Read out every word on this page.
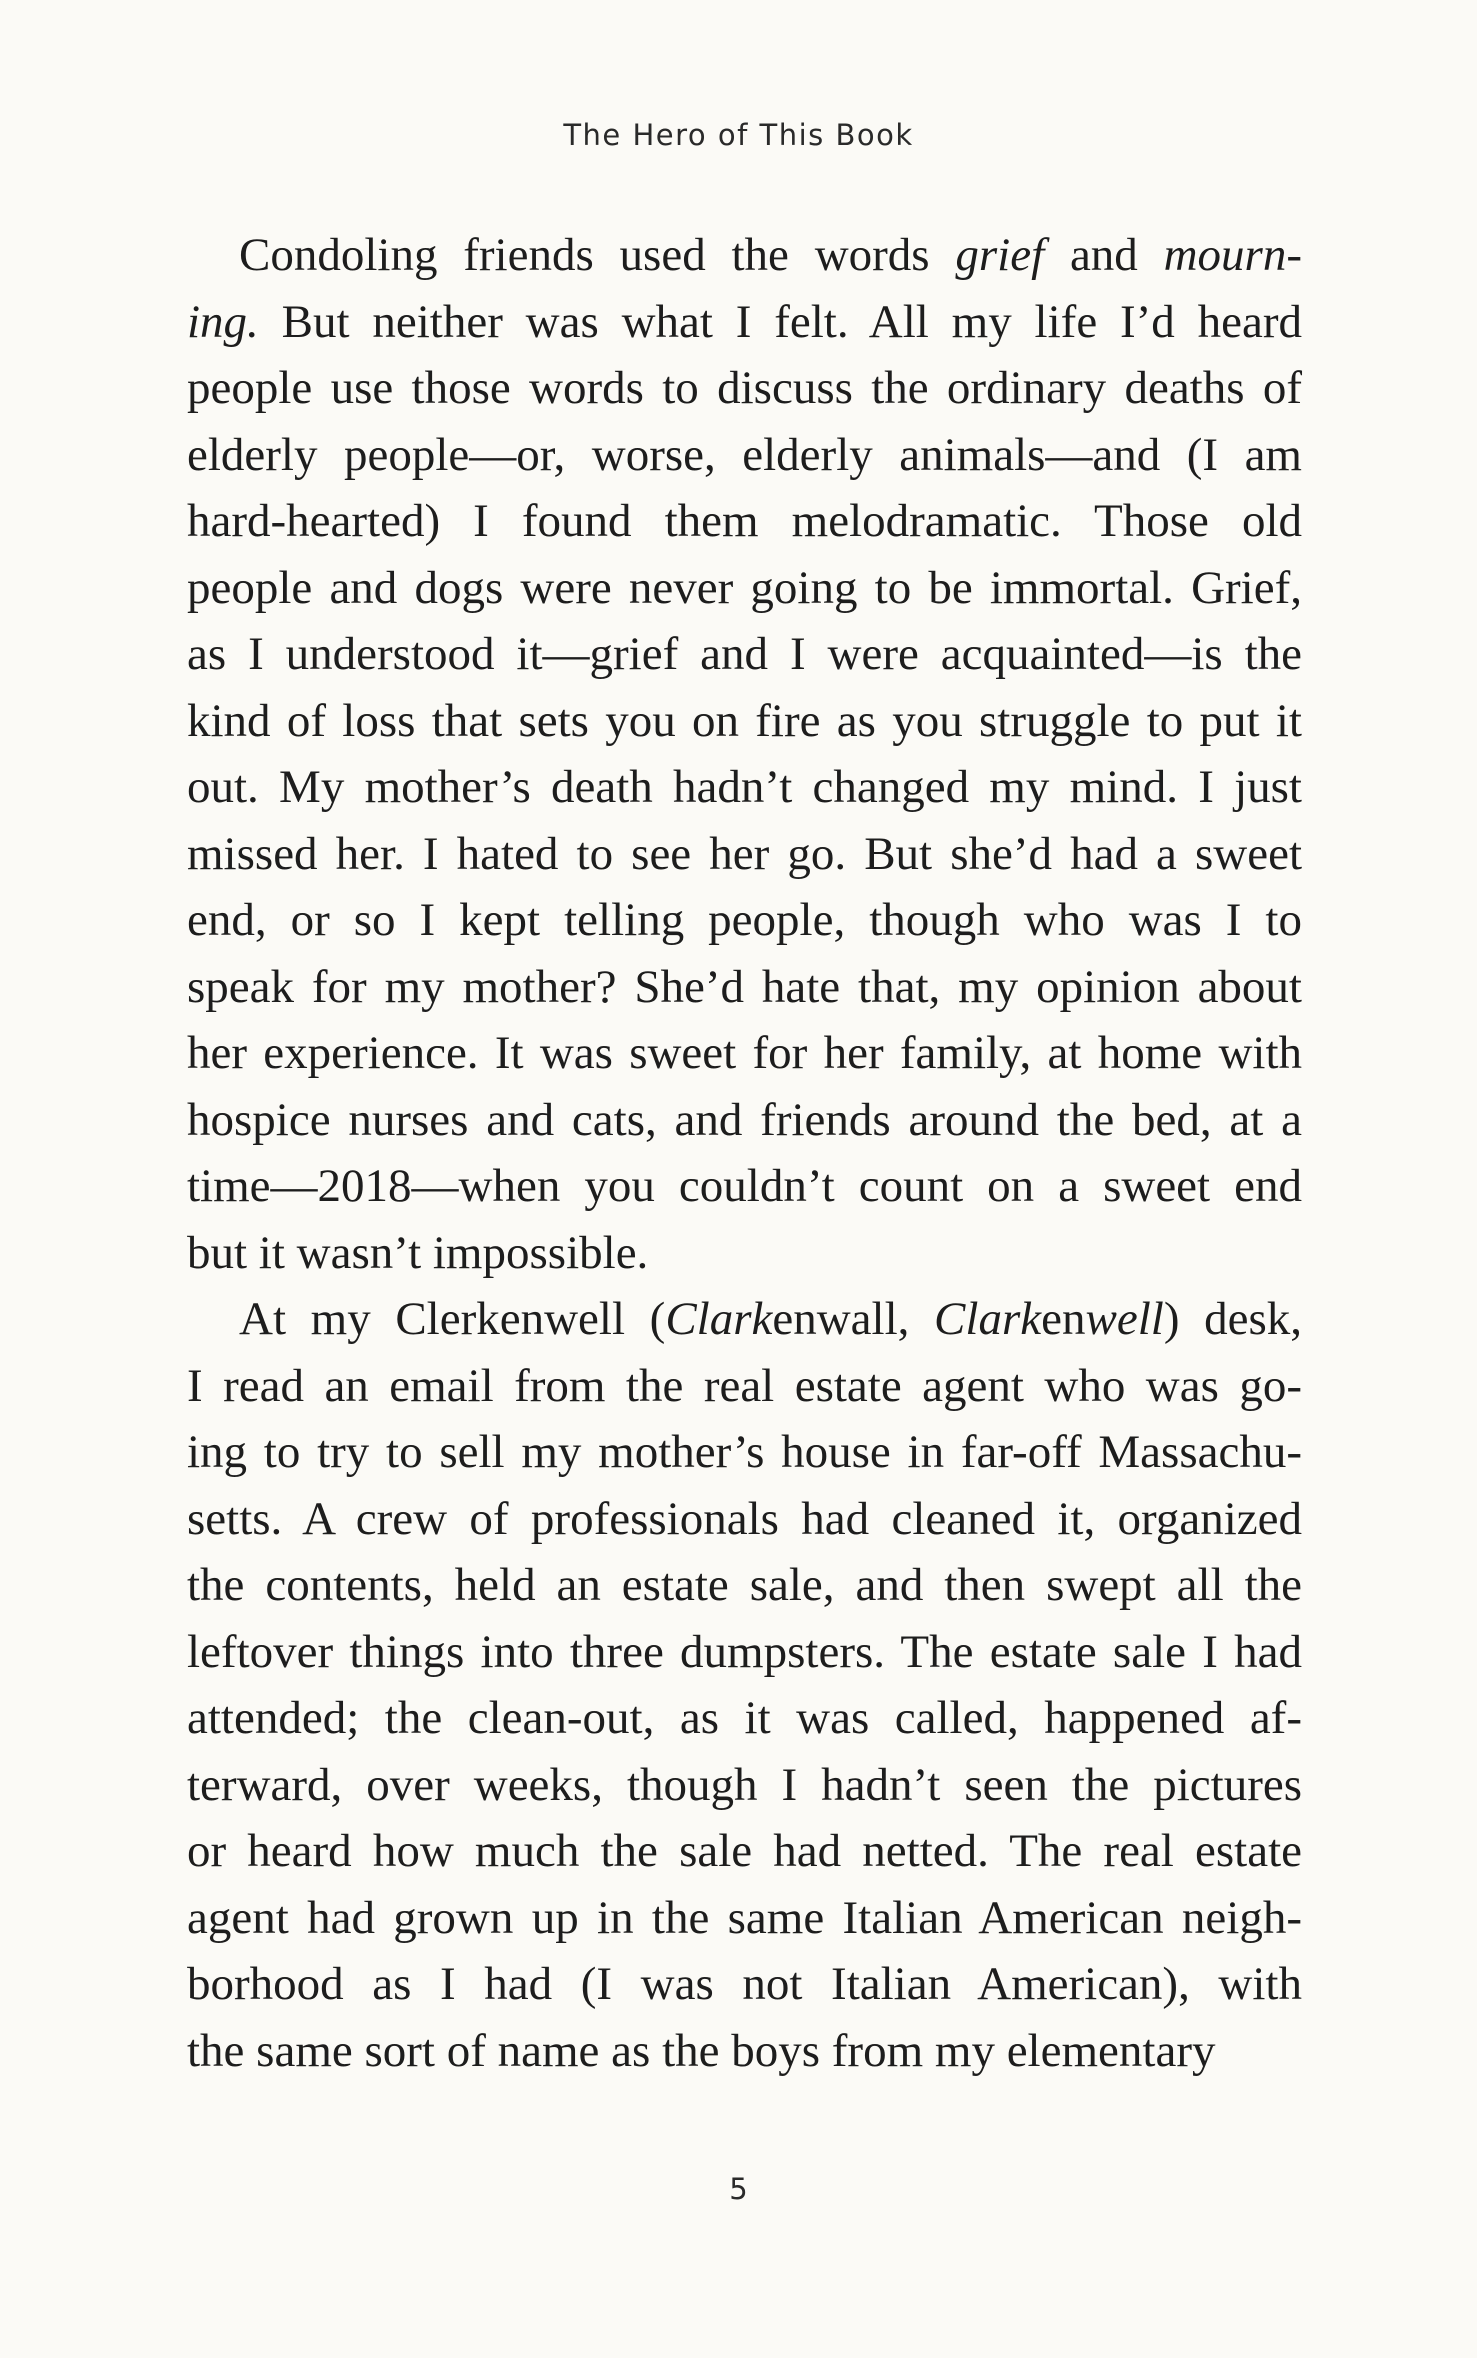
The Hero of This Book
Condoling friends used the words grief and mourn-
ing. But neither was what I felt. All my life I’d heard
people use those words to discuss the ordinary deaths of
elderly people—or, worse, elderly animals—and (I am
hard-hearted) I found them melodramatic. Those old
people and dogs were never going to be immortal. Grief,
as I understood it—grief and I were acquainted—is the
kind of loss that sets you on fire as you struggle to put it
out. My mother’s death hadn’t changed my mind. I just
missed her. I hated to see her go. But she’d had a sweet
end, or so I kept telling people, though who was I to
speak for my mother? She’d hate that, my opinion about
her experience. It was sweet for her family, at home with
hospice nurses and cats, and friends around the bed, at a
time—2018—when you couldn’t count on a sweet end
but it wasn’t impossible.
At my Clerkenwell (Clarkenwall, Clarkenwell) desk,
I read an email from the real estate agent who was go-
ing to try to sell my mother’s house in far-off Massachu-
setts. A crew of professionals had cleaned it, organized
the contents, held an estate sale, and then swept all the
leftover things into three dumpsters. The estate sale I had
attended; the clean-out, as it was called, happened af-
terward, over weeks, though I hadn’t seen the pictures
or heard how much the sale had netted. The real estate
agent had grown up in the same Italian American neigh-
borhood as I had (I was not Italian American), with
the same sort of name as the boys from my elementary
5
